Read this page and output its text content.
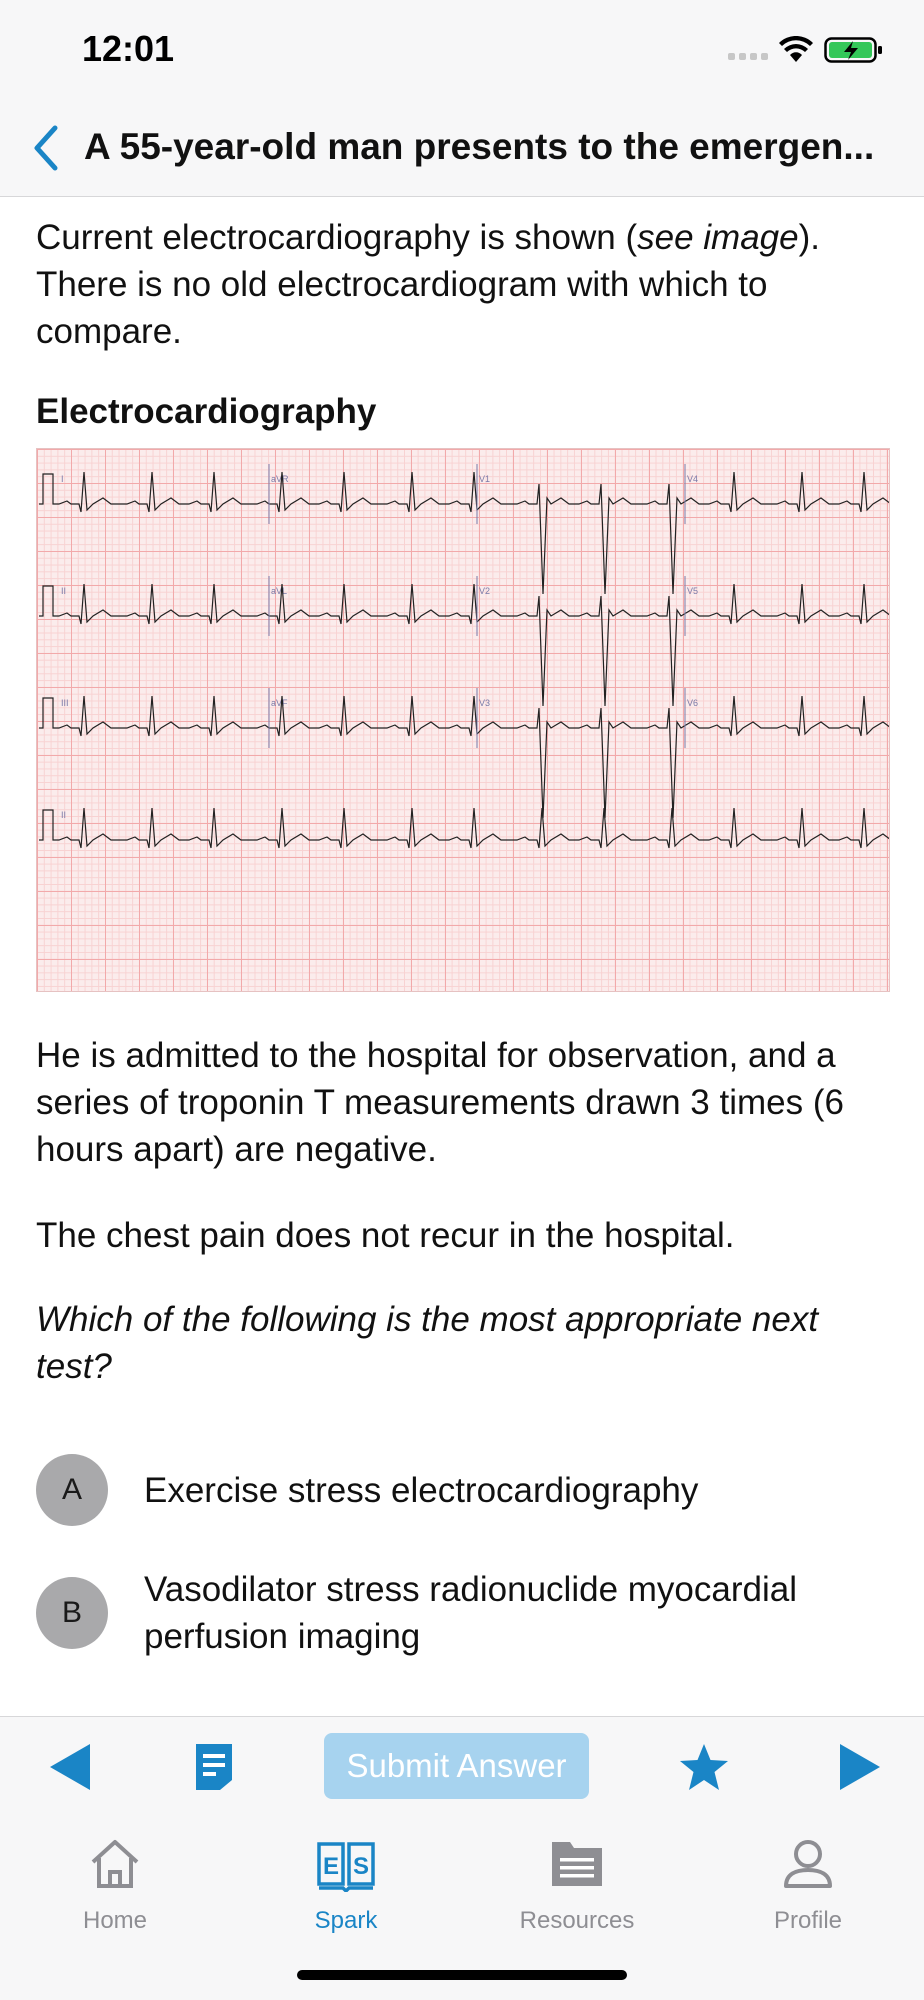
12:01
A 55-year-old man presents to the emergen...

Current electrocardiography is shown (see image). There is no old electrocardiogram with which to compare.

Electrocardiography
I	aVR	V1	V4
II	aVL	V2	V5
III	aVF	V3	V6
II

He is admitted to the hospital for observation, and a series of troponin T measurements drawn 3 times (6 hours apart) are negative.

The chest pain does not recur in the hospital.

Which of the following is the most appropriate next test?

A	Exercise stress electrocardiography
B
Vasodilator stress radionuclide myocardial perfusion imaging
Submit Answer
Home
E S
Spark	Resources	Profile
